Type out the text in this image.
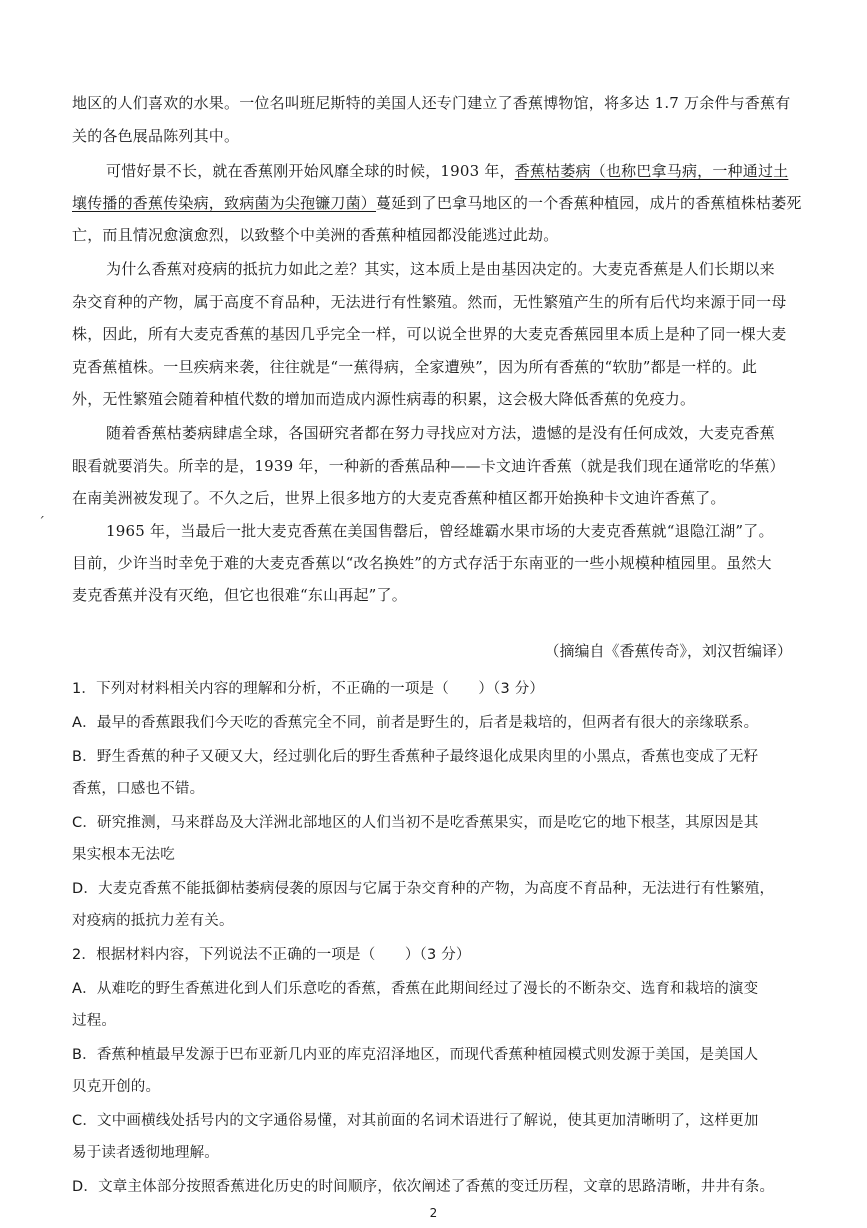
地区的人们喜欢的水果。一位名叫班尼斯特的美国人还专门建立了香蕉博物馆，将多达 1.7 万余件与香蕉有
关的各色展品陈列其中。
可惜好景不长，就在香蕉刚开始风靡全球的时候，1903 年，香蕉枯萎病（也称巴拿马病，一种通过土
壤传播的香蕉传染病，致病菌为尖孢镰刀菌）蔓延到了巴拿马地区的一个香蕉种植园，成片的香蕉植株枯萎死
亡，而且情况愈演愈烈，以致整个中美洲的香蕉种植园都没能逃过此劫。
为什么香蕉对疫病的抵抗力如此之差？其实，这本质上是由基因决定的。大麦克香蕉是人们长期以来
杂交育种的产物，属于高度不育品种，无法进行有性繁殖。然而，无性繁殖产生的所有后代均来源于同一母
株，因此，所有大麦克香蕉的基因几乎完全一样，可以说全世界的大麦克香蕉园里本质上是种了同一棵大麦
克香蕉植株。一旦疾病来袭，往往就是“一蕉得病，全家遭殃”，因为所有香蕉的“软肋”都是一样的。此
外，无性繁殖会随着种植代数的增加而造成内源性病毒的积累，这会极大降低香蕉的免疫力。
随着香蕉枯萎病肆虐全球，各国研究者都在努力寻找应对方法，遗憾的是没有任何成效，大麦克香蕉
眼看就要消失。所幸的是，1939 年，一种新的香蕉品种——卡文迪许香蕉（就是我们现在通常吃的华蕉）
在南美洲被发现了。不久之后，世界上很多地方的大麦克香蕉种植区都开始换种卡文迪许香蕉了。
ˊ	1965 年，当最后一批大麦克香蕉在美国售罄后，曾经雄霸水果市场的大麦克香蕉就“退隐江湖”了。
目前，少许当时幸免于难的大麦克香蕉以“改名换姓”的方式存活于东南亚的一些小规模种植园里。虽然大
麦克香蕉并没有灭绝，但它也很难“东山再起”了。
（摘编自《香蕉传奇》，刘汉哲编译）
1．下列对材料相关内容的理解和分析，不正确的一项是（　　）（3 分）
A．最早的香蕉跟我们今天吃的香蕉完全不同，前者是野生的，后者是栽培的，但两者有很大的亲缘联系。
B．野生香蕉的种子又硬又大，经过驯化后的野生香蕉种子最终退化成果肉里的小黑点，香蕉也变成了无籽
香蕉，口感也不错。
C．研究推测，马来群岛及大洋洲北部地区的人们当初不是吃香蕉果实，而是吃它的地下根茎，其原因是其
果实根本无法吃
D．大麦克香蕉不能抵御枯萎病侵袭的原因与它属于杂交育种的产物，为高度不育品种，无法进行有性繁殖，
对疫病的抵抗力差有关。
2．根据材料内容，下列说法不正确的一项是（　　）（3 分）
A．从难吃的野生香蕉进化到人们乐意吃的香蕉，香蕉在此期间经过了漫长的不断杂交、选育和栽培的演变
过程。
B．香蕉种植最早发源于巴布亚新几内亚的库克沼泽地区，而现代香蕉种植园模式则发源于美国，是美国人
贝克开创的。
C．文中画横线处括号内的文字通俗易懂，对其前面的名词术语进行了解说，使其更加清晰明了，这样更加
易于读者透彻地理解。
D．文章主体部分按照香蕉进化历史的时间顺序，依次阐述了香蕉的变迁历程，文章的思路清晰，井井有条。
2
